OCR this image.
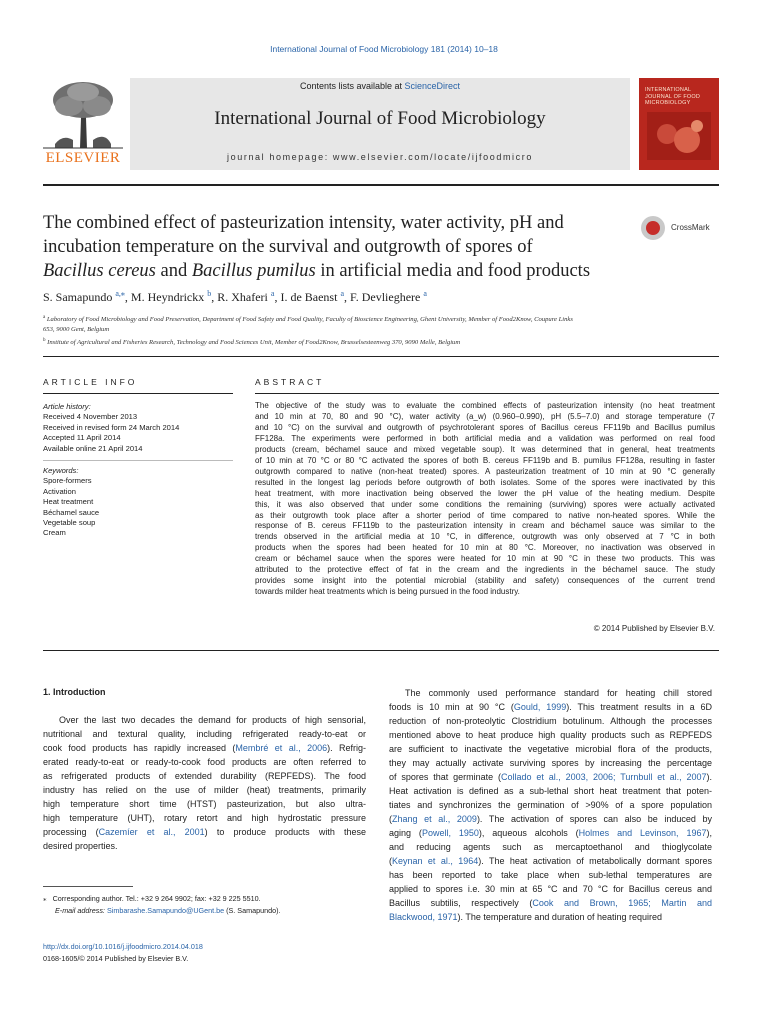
International Journal of Food Microbiology 181 (2014) 10–18
ELSEVIER
Contents lists available at ScienceDirect
International Journal of Food Microbiology
journal homepage: www.elsevier.com/locate/ijfoodmicro
INTERNATIONAL
JOURNAL OF FOOD
MICROBIOLOGY
The combined effect of pasteurization intensity, water activity, pH and
incubation temperature on the survival and outgrowth of spores of
Bacillus cereus and Bacillus pumilus in artificial media and food products
CrossMark
S. Samapundo $^{a,⁎}$, M. Heyndrickx $^b$, R. Xhaferi $^a$, I. de Baenst $^a$, F. Devlieghere $^a$
$^a$ Laboratory of Food Microbiology and Food Preservation, Department of Food Safety and Food Quality, Faculty of Bioscience Engineering, Ghent University, Member of Food2Know, Coupure Links
653, 9000 Gent, Belgium
$^b$ Institute of Agricultural and Fisheries Research, Technology and Food Sciences Unit, Member of Food2Know, Brusselsesteenweg 370, 9090 Melle, Belgium
ARTICLE INFO	ABSTRACT
Article history:
Received 4 November 2013
Received in revised form 24 March 2014
Accepted 11 April 2014
Available online 21 April 2014
Keywords:
Spore-formers
Activation
Heat treatment
Béchamel sauce
Vegetable soup
Cream
The objective of the study was to evaluate the combined effects of pasteurization intensity (no heat treatment
and 10 min at 70, 80 and 90 °C), water activity (a_w) (0.960–0.990), pH (5.5–7.0) and storage temperature (7
and 10 °C) on the survival and outgrowth of psychrotolerant spores of Bacillus cereus FF119b and Bacillus pumilus
FF128a. The experiments were performed in both artificial media and a validation was performed on real food
products (cream, béchamel sauce and mixed vegetable soup). It was determined that in general, heat treatments
of 10 min at 70 °C or 80 °C activated the spores of both B. cereus FF119b and B. pumilus FF128a, resulting in faster
outgrowth compared to native (non-heat treated) spores. A pasteurization treatment of 10 min at 90 °C generally
resulted in the longest lag periods before outgrowth of both isolates. Some of the spores were inactivated by this
heat treatment, with more inactivation being observed the lower the pH value of the heating medium. Despite
this, it was also observed that under some conditions the remaining (surviving) spores were actually activated
as their outgrowth took place after a shorter period of time compared to native non-heated spores. While the
response of B. cereus FF119b to the pasteurization intensity in cream and béchamel sauce was similar to the
trends observed in the artificial media at 10 °C, in difference, outgrowth was only observed at 7 °C in both
products when the spores had been heated for 10 min at 80 °C. Moreover, no inactivation was observed in
cream or béchamel sauce when the spores were heated for 10 min at 90 °C in these two products. This was
attributed to the protective effect of fat in the cream and the ingredients in the béchamel sauce. The study
provides some insight into the potential microbial (stability and safety) consequences of the current trend
towards milder heat treatments which is being pursued in the food industry.
© 2014 Published by Elsevier B.V.
1. Introduction
Over the last two decades the demand for products of high sensorial,
nutritional and textural quality, including refrigerated ready-to-eat or
cook food products has rapidly increased (Membré et al., 2006). Refrig-
erated ready-to-eat or ready-to-cook food products are often referred to
as refrigerated products of extended durability (REPFEDS). The food
industry has relied on the use of milder (heat) treatments, primarily
high temperature short time (HTST) pasteurization, but also ultra-
high temperature (UHT), rotary retort and high hydrostatic pressure
processing (Cazemíer et al., 2001) to produce products with these
desired properties.
The commonly used performance standard for heating chill stored
foods is 10 min at 90 °C (Gould, 1999). This treatment results in a 6D
reduction of non-proteolytic Clostridium botulinum. Although the processes
mentioned above to heat produce high quality products such as REPFEDS
are sufficient to inactivate the vegetative microbial flora of the products,
they may actually activate surviving spores by increasing the percentage
of spores that germinate (Collado et al., 2003, 2006; Turnbull et al., 2007).
Heat activation is defined as a sub-lethal short heat treatment that poten-
tiates and synchronizes the germination of >90% of a spore population
(Zhang et al., 2009). The activation of spores can also be induced by
aging (Powell, 1950), aqueous alcohols (Holmes and Levinson, 1967),
and reducing agents such as mercaptoethanol and thioglycolate
(Keynan et al., 1964). The heat activation of metabolically dormant spores
has been reported to take place when sub-lethal temperatures are
applied to spores i.e. 30 min at 65 °C and 70 °C for Bacillus cereus and
Bacillus subtilis, respectively (Cook and Brown, 1965; Martin and
Blackwood, 1971). The temperature and duration of heating required
⁎ Corresponding author. Tel.: +32 9 264 9902; fax: +32 9 225 5510.
E-mail address: Simbarashe.Samapundo@UGent.be (S. Samapundo).
http://dx.doi.org/10.1016/j.ijfoodmicro.2014.04.018
0168-1605/© 2014 Published by Elsevier B.V.
